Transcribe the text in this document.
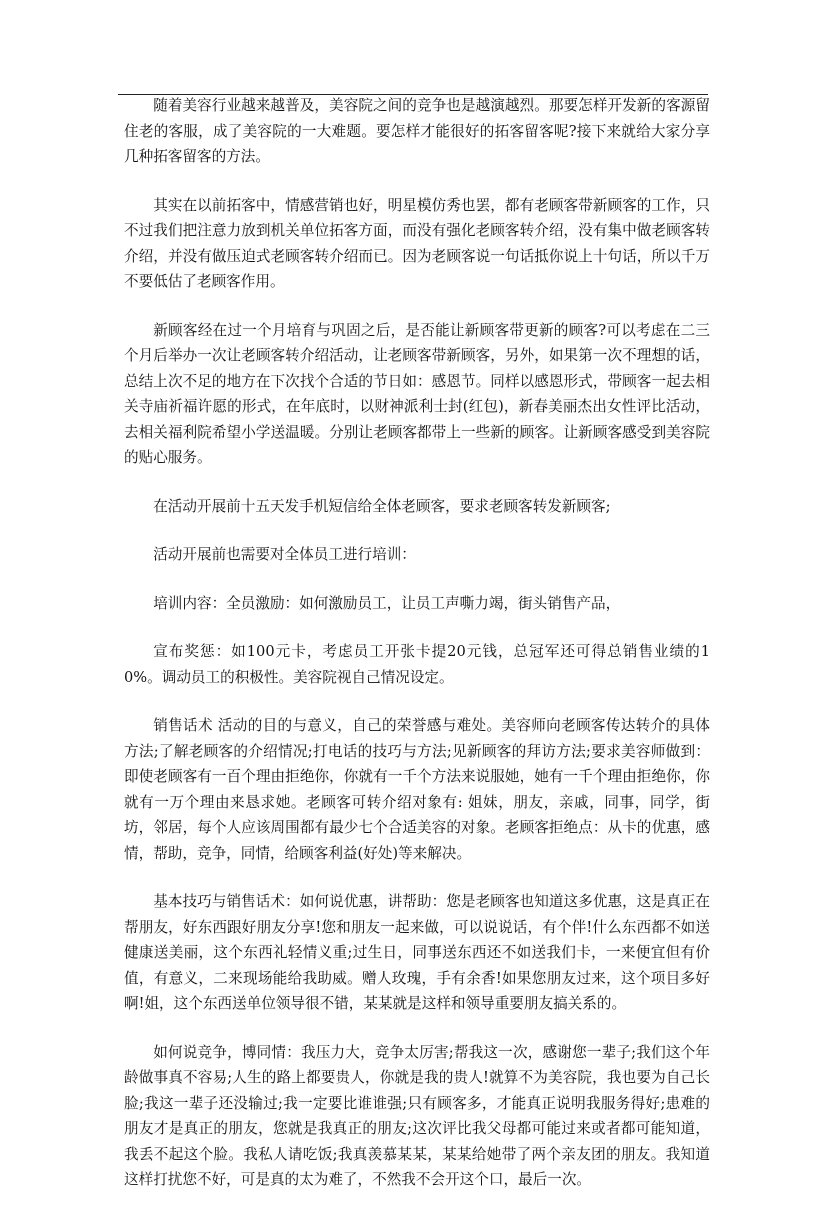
随着美容行业越来越普及，美容院之间的竞争也是越演越烈。那要怎样开发新的客源留住老的客服，成了美容院的一大难题。要怎样才能很好的拓客留客呢?接下来就给大家分享几种拓客留客的方法。

其实在以前拓客中，情感营销也好，明星模仿秀也罢，都有老顾客带新顾客的工作，只不过我们把注意力放到机关单位拓客方面，而没有强化老顾客转介绍，没有集中做老顾客转介绍，并没有做压迫式老顾客转介绍而已。因为老顾客说一句话抵你说上十句话，所以千万不要低估了老顾客作用。

新顾客经在过一个月培育与巩固之后，是否能让新顾客带更新的顾客?可以考虑在二三个月后举办一次让老顾客转介绍活动，让老顾客带新顾客，另外，如果第一次不理想的话，总结上次不足的地方在下次找个合适的节日如：感恩节。同样以感恩形式，带顾客一起去相关寺庙祈福许愿的形式，在年底时，以财神派利士封(红包)，新春美丽杰出女性评比活动，去相关福利院希望小学送温暖。分别让老顾客都带上一些新的顾客。让新顾客感受到美容院的贴心服务。

在活动开展前十五天发手机短信给全体老顾客，要求老顾客转发新顾客;

活动开展前也需要对全体员工进行培训：

培训内容：全员激励：如何激励员工，让员工声嘶力竭，街头销售产品，

宣布奖惩：如100元卡，考虑员工开张卡提20元钱，总冠军还可得总销售业绩的10%。调动员工的积极性。美容院视自己情况设定。

销售话术 活动的目的与意义，自己的荣誉感与难处。美容师向老顾客传达转介的具体方法;了解老顾客的介绍情况;打电话的技巧与方法;见新顾客的拜访方法;要求美容师做到：即使老顾客有一百个理由拒绝你，你就有一千个方法来说服她，她有一千个理由拒绝你，你就有一万个理由来恳求她。老顾客可转介绍对象有: 姐妹，朋友，亲戚，同事，同学，街坊，邻居，每个人应该周围都有最少七个合适美容的对象。老顾客拒绝点：从卡的优惠，感情，帮助，竞争，同情，给顾客利益(好处)等来解决。

基本技巧与销售话术：如何说优惠，讲帮助：您是老顾客也知道这多优惠，这是真正在帮朋友，好东西跟好朋友分享!您和朋友一起来做，可以说说话，有个伴!什么东西都不如送健康送美丽，这个东西礼轻情义重;过生日，同事送东西还不如送我们卡，一来便宜但有价值，有意义，二来现场能给我助威。赠人玫瑰，手有余香!如果您朋友过来，这个项目多好啊!姐，这个东西送单位领导很不错，某某就是这样和领导重要朋友搞关系的。

如何说竞争，博同情：我压力大，竞争太厉害;帮我这一次，感谢您一辈子;我们这个年龄做事真不容易;人生的路上都要贵人，你就是我的贵人!就算不为美容院，我也要为自己长脸;我这一辈子还没输过;我一定要比谁谁强;只有顾客多，才能真正说明我服务得好;患难的朋友才是真正的朋友，您就是我真正的朋友;这次评比我父母都可能过来或者都可能知道，我丢不起这个脸。我私人请吃饭;我真羡慕某某，某某给她带了两个亲友团的朋友。我知道这样打扰您不好，可是真的太为难了，不然我不会开这个口，最后一次。
